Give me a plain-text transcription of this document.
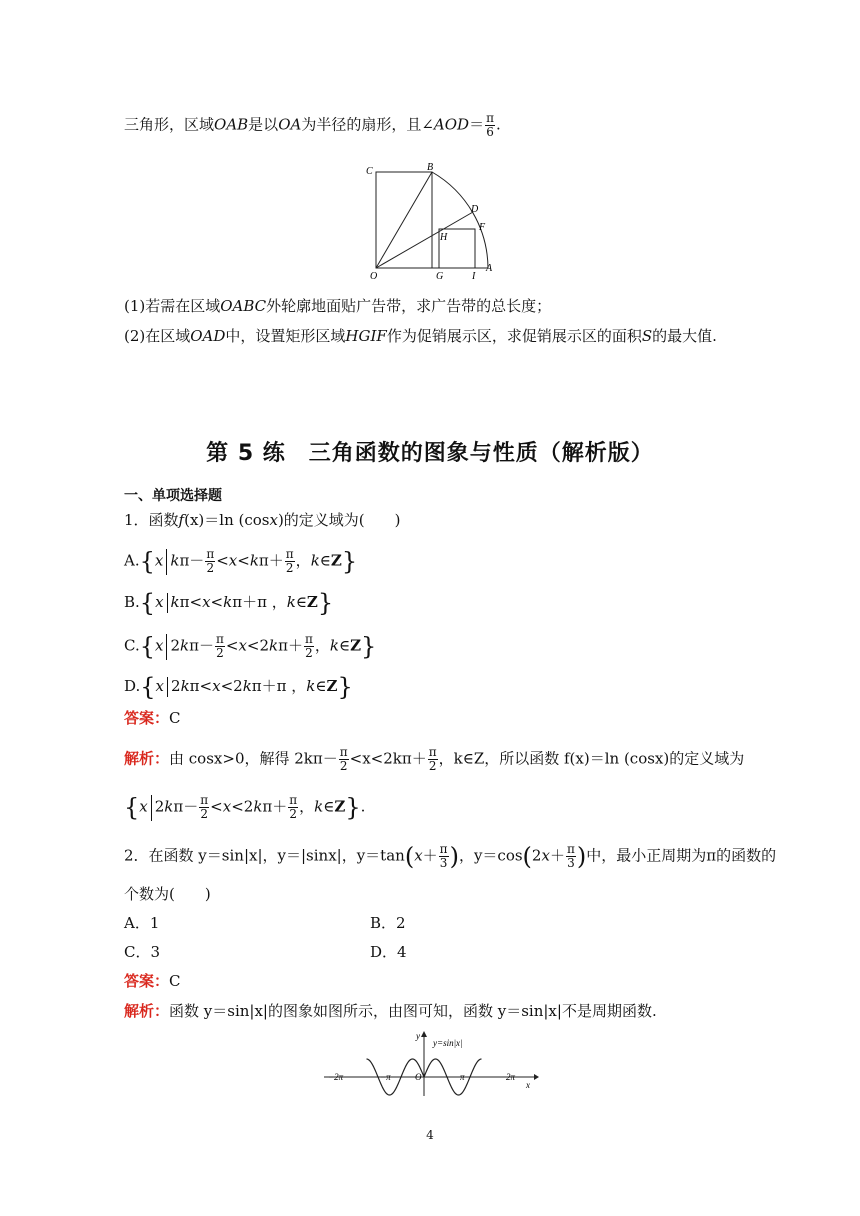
三角形，区域OAB是以OA为半径的扇形，且∠AOD＝ $\frac{\pi}{6}$ .
C	B
D
F
H
O	G	I
A
(1)若需在区域OABC外轮廓地面贴广告带，求广告带的总长度；
(2)在区域OAD中，设置矩形区域HGIF作为促销展示区，求促销展示区的面积S的最大值.
第 5 练　三角函数的图象与性质（解析版）
一、单项选择题
1．函数f(x)＝ln (cosx)的定义域为(　　)
A.{x $k\pi- \frac{\pi}{2} <x<k\pi+ \frac{\pi}{2}$ ，k∈Z}
B.{x kπ<x<kπ＋π ，k∈Z}
C.{x $2k\pi- \frac{\pi}{2} <x<2k\pi+ \frac{\pi}{2}$ ，k∈Z}
D.{x 2kπ<x<2kπ＋π ，k∈Z}
答案：C
解析：由 cosx>0，解得 $2k\pi- \frac{\pi}{2} <x<2k\pi+ \frac{\pi}{2}$ ，k∈Z，所以函数 f(x)＝ln (cosx)的定义域为
{x $2k\pi- \frac{\pi}{2} <x<2k\pi+ \frac{\pi}{2}$ ，k∈Z}.
2．在函数 y＝sin|x|，y＝|sinx|，$y=\tan(x+ \frac{\pi}{3}$ )，$y=\cos(2x+ \frac{\pi}{3}$ )中，最小正周期为π的函数的
个数为(　　)
A．1	B．2
C．3	D．4
答案：C
解析：函数 y＝sin|x|的图象如图所示，由图可知，函数 y＝sin|x|不是周期函数.
y
y=sin|x|
−2π	−π	O	π	2π
x
4
